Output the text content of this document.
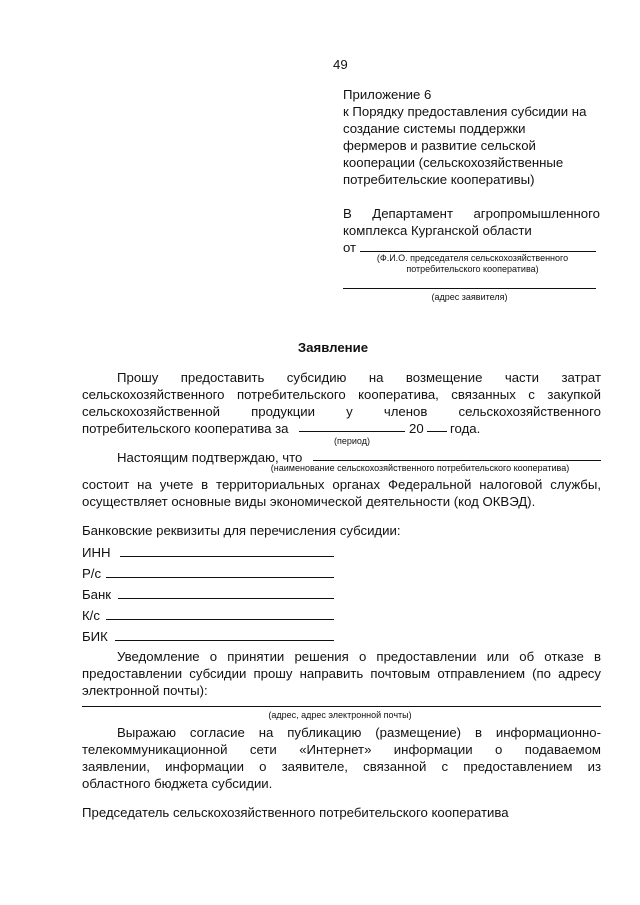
49
Приложение 6
к Порядку предоставления субсидии на
создание системы поддержки
фермеров и развитие сельской
кооперации (сельскохозяйственные
потребительские кооперативы)
В Департамент агропромышленного
комплекса Курганской области
от
(Ф.И.О. председателя сельскохозяйственного
потребительского кооператива)
(адрес заявителя)
Заявление
Прошу предоставить субсидию на возмещение части затрат
сельскохозяйственного потребительского кооператива, связанных с закупкой
сельскохозяйственной продукции у членов сельскохозяйственного
потребительского кооператива за	20 года.
(период)
Настоящим подтверждаю, что
(наименование сельскохозяйственного потребительского кооператива)
состоит на учете в территориальных органах Федеральной налоговой службы,
осуществляет основные виды экономической деятельности (код ОКВЭД).
Банковские реквизиты для перечисления субсидии:
ИНН
Р/с
Банк
К/с
БИК
Уведомление о принятии решения о предоставлении или об отказе в
предоставлении субсидии прошу направить почтовым отправлением (по адресу
электронной почты):
(адрес, адрес электронной почты)
Выражаю согласие на публикацию (размещение) в информационно-
телекоммуникационной сети «Интернет» информации о подаваемом
заявлении, информации о заявителе, связанной с предоставлением из
областного бюджета субсидии.
Председатель сельскохозяйственного потребительского кооператива
